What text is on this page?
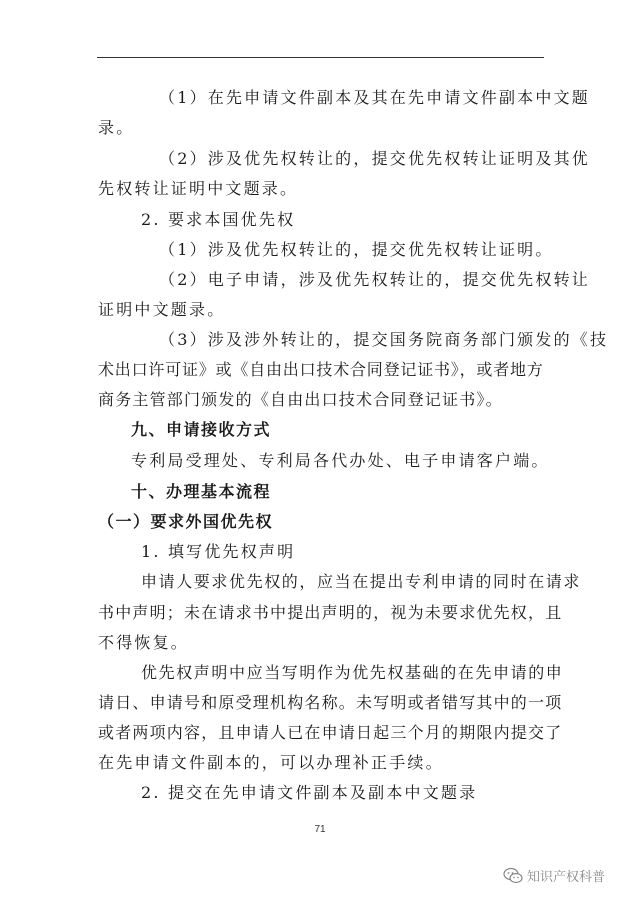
（1）在先申请文件副本及其在先申请文件副本中文题
录。
（2）涉及优先权转让的，提交优先权转让证明及其优
先权转让证明中文题录。
2. 要求本国优先权
（1）涉及优先权转让的，提交优先权转让证明。
（2）电子申请，涉及优先权转让的，提交优先权转让
证明中文题录。
（3）涉及涉外转让的，提交国务院商务部门颁发的《技
术出口许可证》或《自由出口技术合同登记证书》，或者地方
商务主管部门颁发的《自由出口技术合同登记证书》。
九、申请接收方式
专利局受理处、专利局各代办处、电子申请客户端。
十、办理基本流程
（一）要求外国优先权
1. 填写优先权声明
申请人要求优先权的，应当在提出专利申请的同时在请求
书中声明；未在请求书中提出声明的，视为未要求优先权，且
不得恢复。
优先权声明中应当写明作为优先权基础的在先申请的申
请日、申请号和原受理机构名称。未写明或者错写其中的一项
或者两项内容，且申请人已在申请日起三个月的期限内提交了
在先申请文件副本的，可以办理补正手续。
2. 提交在先申请文件副本及副本中文题录
71
知识产权科普
